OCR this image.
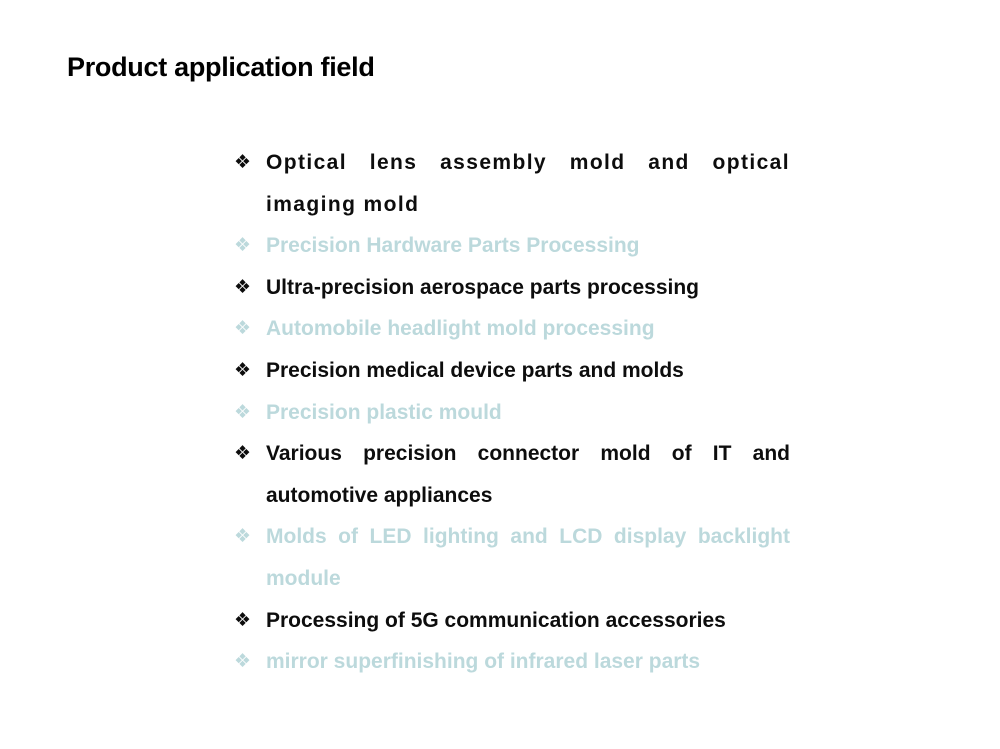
Product application field
❖ Optical lens assembly mold and optical imaging mold
❖ Precision Hardware Parts Processing
❖ Ultra-precision aerospace parts processing
❖ Automobile headlight mold processing
❖ Precision medical device parts and molds
❖ Precision plastic mould
❖ Various precision connector mold of IT and automotive appliances
❖ Molds of LED lighting and LCD display backlight module
❖ Processing of 5G communication accessories
❖ mirror superfinishing of infrared laser parts
